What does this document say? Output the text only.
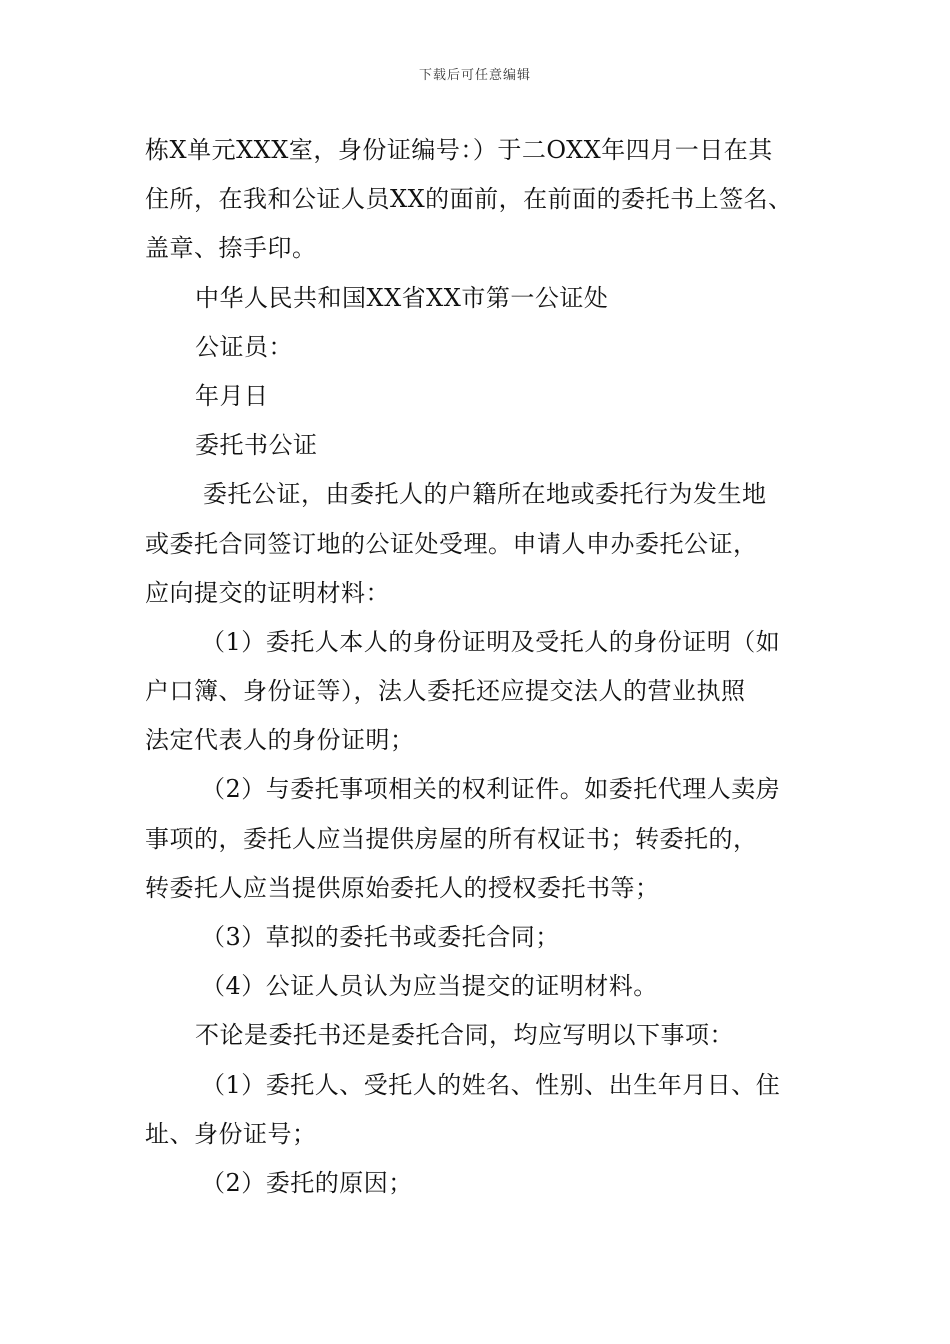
下载后可任意编辑
栋X单元XXX室，身份证编号：）于二OXX年四月一日在其
住所，在我和公证人员XX的面前，在前面的委托书上签名、
盖章、捺手印。
中华人民共和国XX省XX市第一公证处
公证员：
年月日
委托书公证
委托公证，由委托人的户籍所在地或委托行为发生地
或委托合同签订地的公证处受理。申请人申办委托公证，
应向提交的证明材料：
（1）委托人本人的身份证明及受托人的身份证明（如
户口簿、身份证等），法人委托还应提交法人的营业执照
法定代表人的身份证明；
（2）与委托事项相关的权利证件。如委托代理人卖房
事项的，委托人应当提供房屋的所有权证书；转委托的，
转委托人应当提供原始委托人的授权委托书等；
（3）草拟的委托书或委托合同；
（4）公证人员认为应当提交的证明材料。
不论是委托书还是委托合同，均应写明以下事项：
（1）委托人、受托人的姓名、性别、出生年月日、住
址、身份证号；
（2）委托的原因；
